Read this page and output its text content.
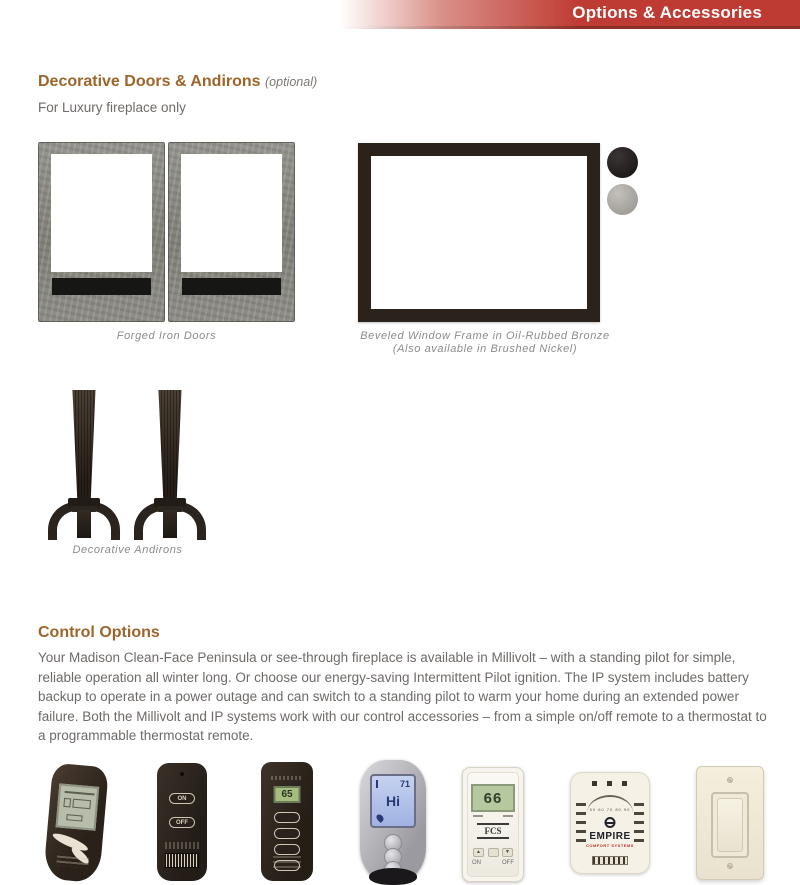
Options & Accessories
Decorative Doors & Andirons (optional)

For Luxury fireplace only

Forged Iron Doors	Beveled Window Frame in Oil-Rubbed Bronze
(Also available in Brushed Nickel)
Decorative Andirons
Control Options

Your Madison Clean-Face Peninsula or see-through fireplace is available in Millivolt – with a standing pilot for simple, reliable operation all winter long. Or choose our energy-saving Intermittent Pilot ignition. The IP system includes battery backup to operate in a power outage and can switch to a standing pilot to warm your home during an extended power failure. Both the Millivolt and IP systems work with our control accessories – from a simple on/off remote to a thermostat to a programmable thermostat remote.

ON
OFF
65
71
Hi	66
FCS
▲	▼
ON	OFF
50 60 70 80 90
EMPIRE
COMFORT SYSTEMS
